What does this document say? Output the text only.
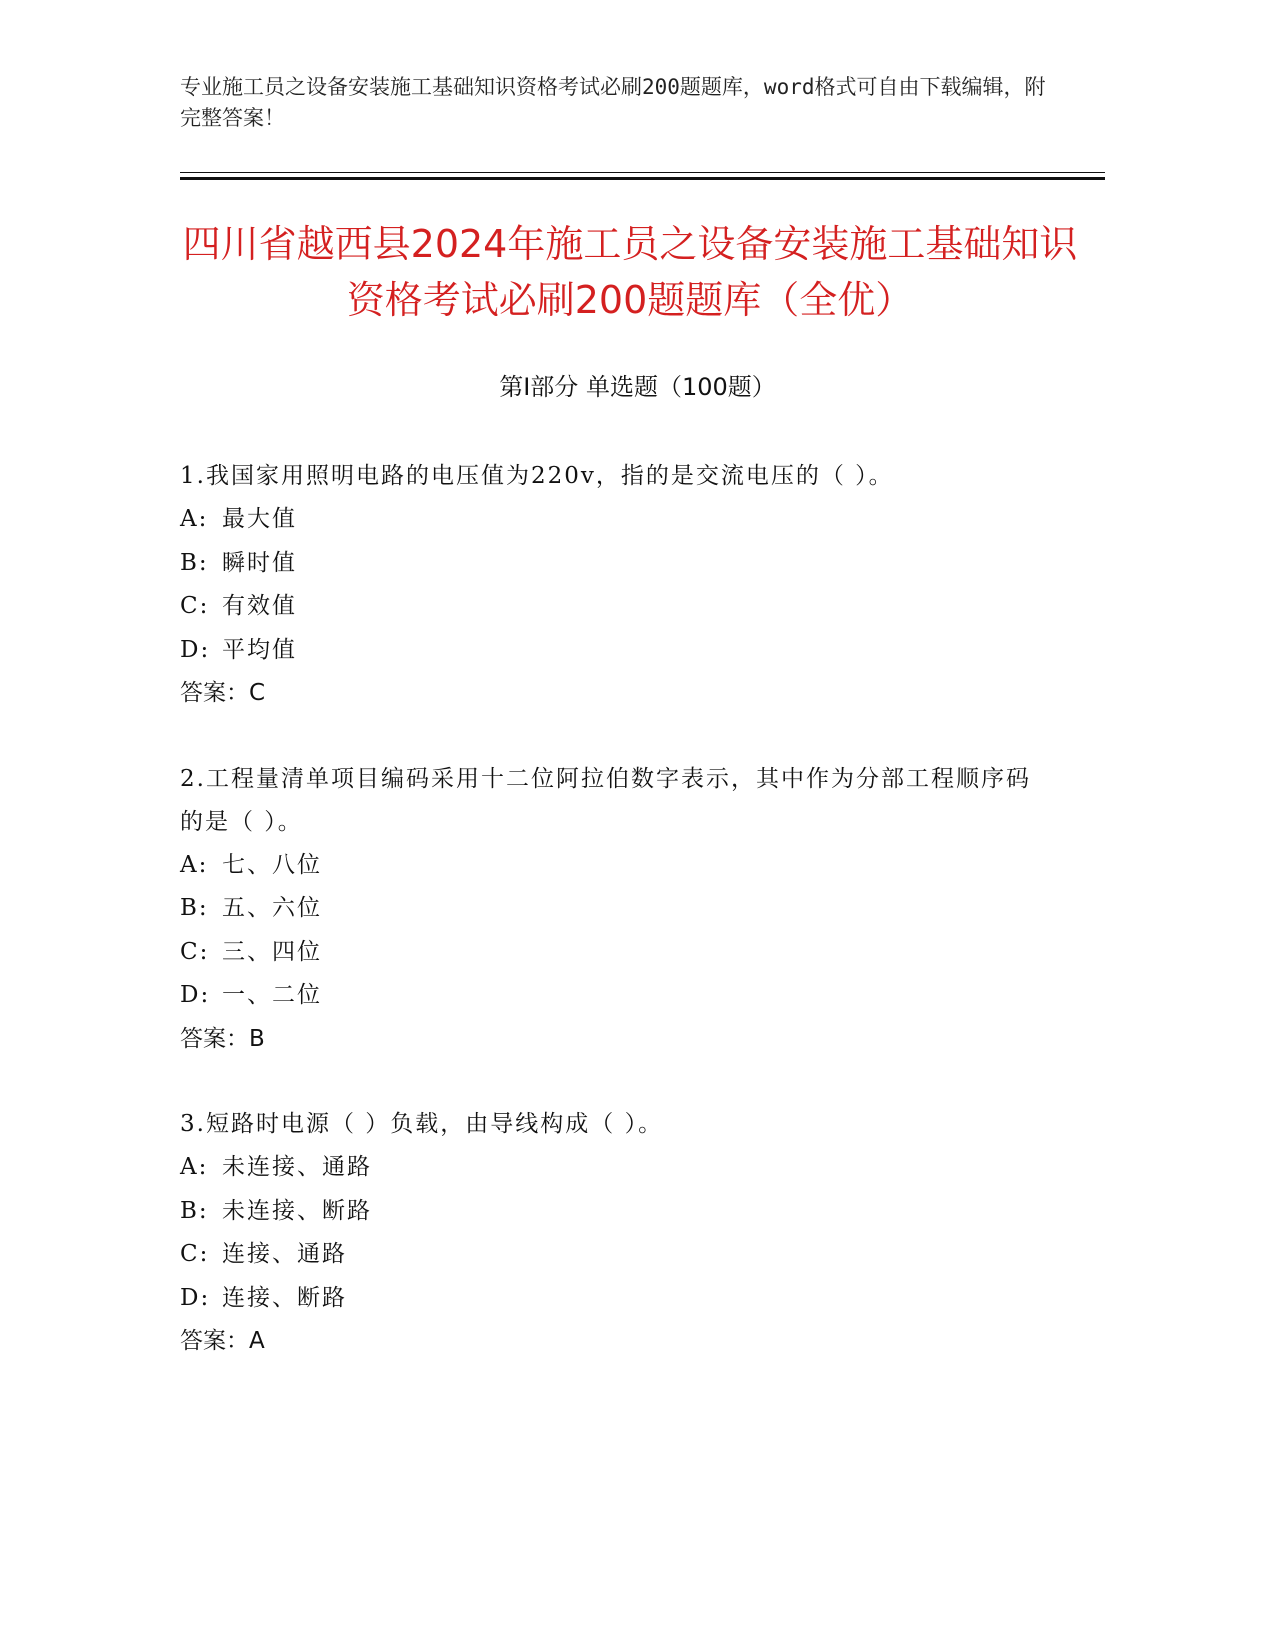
专业施工员之设备安装施工基础知识资格考试必刷200题题库，word格式可自由下载编辑，附完整答案！
四川省越西县2024年施工员之设备安装施工基础知识资格考试必刷200题题库（全优）
第Ⅰ部分 单选题（100题）
1.我国家用照明电路的电压值为220v，指的是交流电压的（ ）。
A: 最大值
B: 瞬时值
C: 有效值
D: 平均值
答案：C
2.工程量清单项目编码采用十二位阿拉伯数字表示，其中作为分部工程顺序码的是（ ）。
A: 七、八位
B: 五、六位
C: 三、四位
D: 一、二位
答案：B
3.短路时电源（ ）负载，由导线构成（ ）。
A: 未连接、通路
B: 未连接、断路
C: 连接、通路
D: 连接、断路
答案：A
